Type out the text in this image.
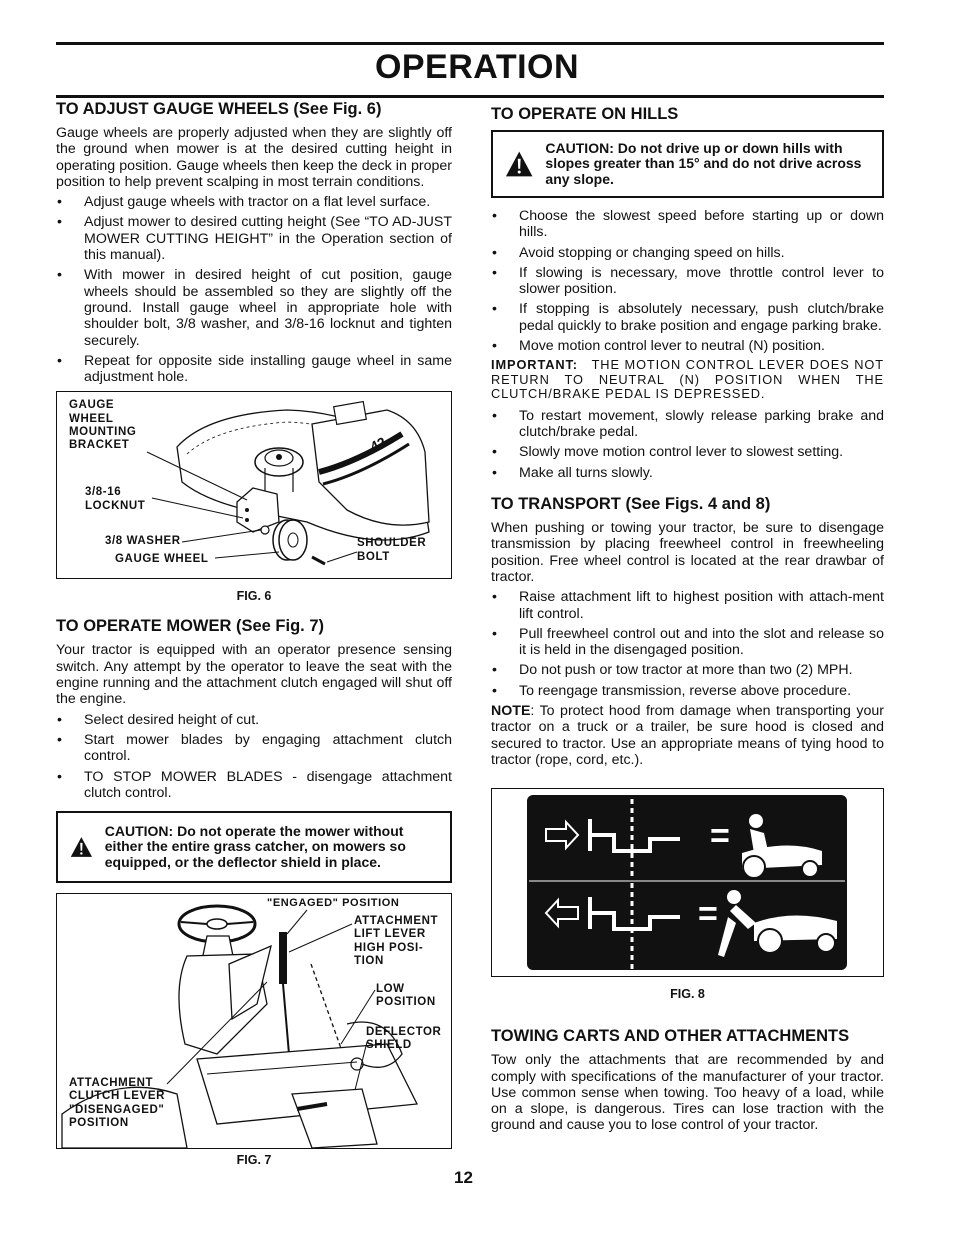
OPERATION
TO ADJUST GAUGE WHEELS (See Fig. 6)

Gauge wheels are properly adjusted when they are slightly off the ground when mower is at the desired cutting height in operating position. Gauge wheels then keep the deck in proper position to help prevent scalping in most terrain conditions.

• Adjust gauge wheels with tractor on a flat level surface.
• Adjust mower to desired cutting height (See “TO AD-JUST MOWER CUTTING HEIGHT” in the Operation section of this manual).
• With mower in desired height of cut position, gauge wheels should be assembled so they are slightly off the ground. Install gauge wheel in appropriate hole with shoulder bolt, 3/8 washer, and 3/8-16 locknut and tighten securely.
• Repeat for opposite side installing gauge wheel in same adjustment hole.
42
GAUGE
WHEEL
MOUNTING
BRACKET
3/8-16
LOCKNUT
3/8 WASHER
GAUGE WHEEL
SHOULDER
BOLT
FIG. 6
TO OPERATE MOWER (See Fig. 7)

Your tractor is equipped with an operator presence sensing switch. Any attempt by the operator to leave the seat with the engine running and the attachment clutch engaged will shut off the engine.

• Select desired height of cut.
• Start mower blades by engaging attachment clutch control.
• TO STOP MOWER BLADES - disengage attachment clutch control.
CAUTION: Do not operate the mower without either the entire grass catcher, on mowers so equipped, or the deflector shield in place.
"ENGAGED" POSITION
ATTACHMENT
LIFT LEVER
HIGH POSI-
TION
LOW
POSITION
DEFLECTOR
SHIELD
ATTACHMENT
CLUTCH LEVER
"DISENGAGED"
POSITION
FIG. 7
TO OPERATE ON HILLS
CAUTION: Do not drive up or down hills with slopes greater than 15° and do not drive across any slope.
• Choose the slowest speed before starting up or down hills.
• Avoid stopping or changing speed on hills.
• If slowing is necessary, move throttle control lever to slower position.
• If stopping is absolutely necessary, push clutch/brake pedal quickly to brake position and engage parking brake.
• Move motion control lever to neutral (N) position.
IMPORTANT: THE MOTION CONTROL LEVER DOES NOT RETURN TO NEUTRAL (N) POSITION WHEN THE CLUTCH/BRAKE PEDAL IS DEPRESSED.
• To restart movement, slowly release parking brake and clutch/brake pedal.
• Slowly move motion control lever to slowest setting.
• Make all turns slowly.
TO TRANSPORT (See Figs. 4 and 8)

When pushing or towing your tractor, be sure to disengage transmission by placing freewheel control in freewheeling position. Free wheel control is located at the rear drawbar of tractor.

• Raise attachment lift to highest position with attach-ment lift control.
• Pull freewheel control out and into the slot and release so it is held in the disengaged position.
• Do not push or tow tractor at more than two (2) MPH.
• To reengage transmission, reverse above procedure.

NOTE: To protect hood from damage when transporting your tractor on a truck or a trailer, be sure hood is closed and secured to tractor. Use an appropriate means of tying hood to tractor (rope, cord, etc.).

=
=
FIG. 8
TOWING CARTS AND OTHER ATTACHMENTS

Tow only the attachments that are recommended by and comply with specifications of the manufacturer of your tractor. Use common sense when towing. Too heavy of a load, while on a slope, is dangerous. Tires can lose traction with the ground and cause you to lose control of your tractor.

12
